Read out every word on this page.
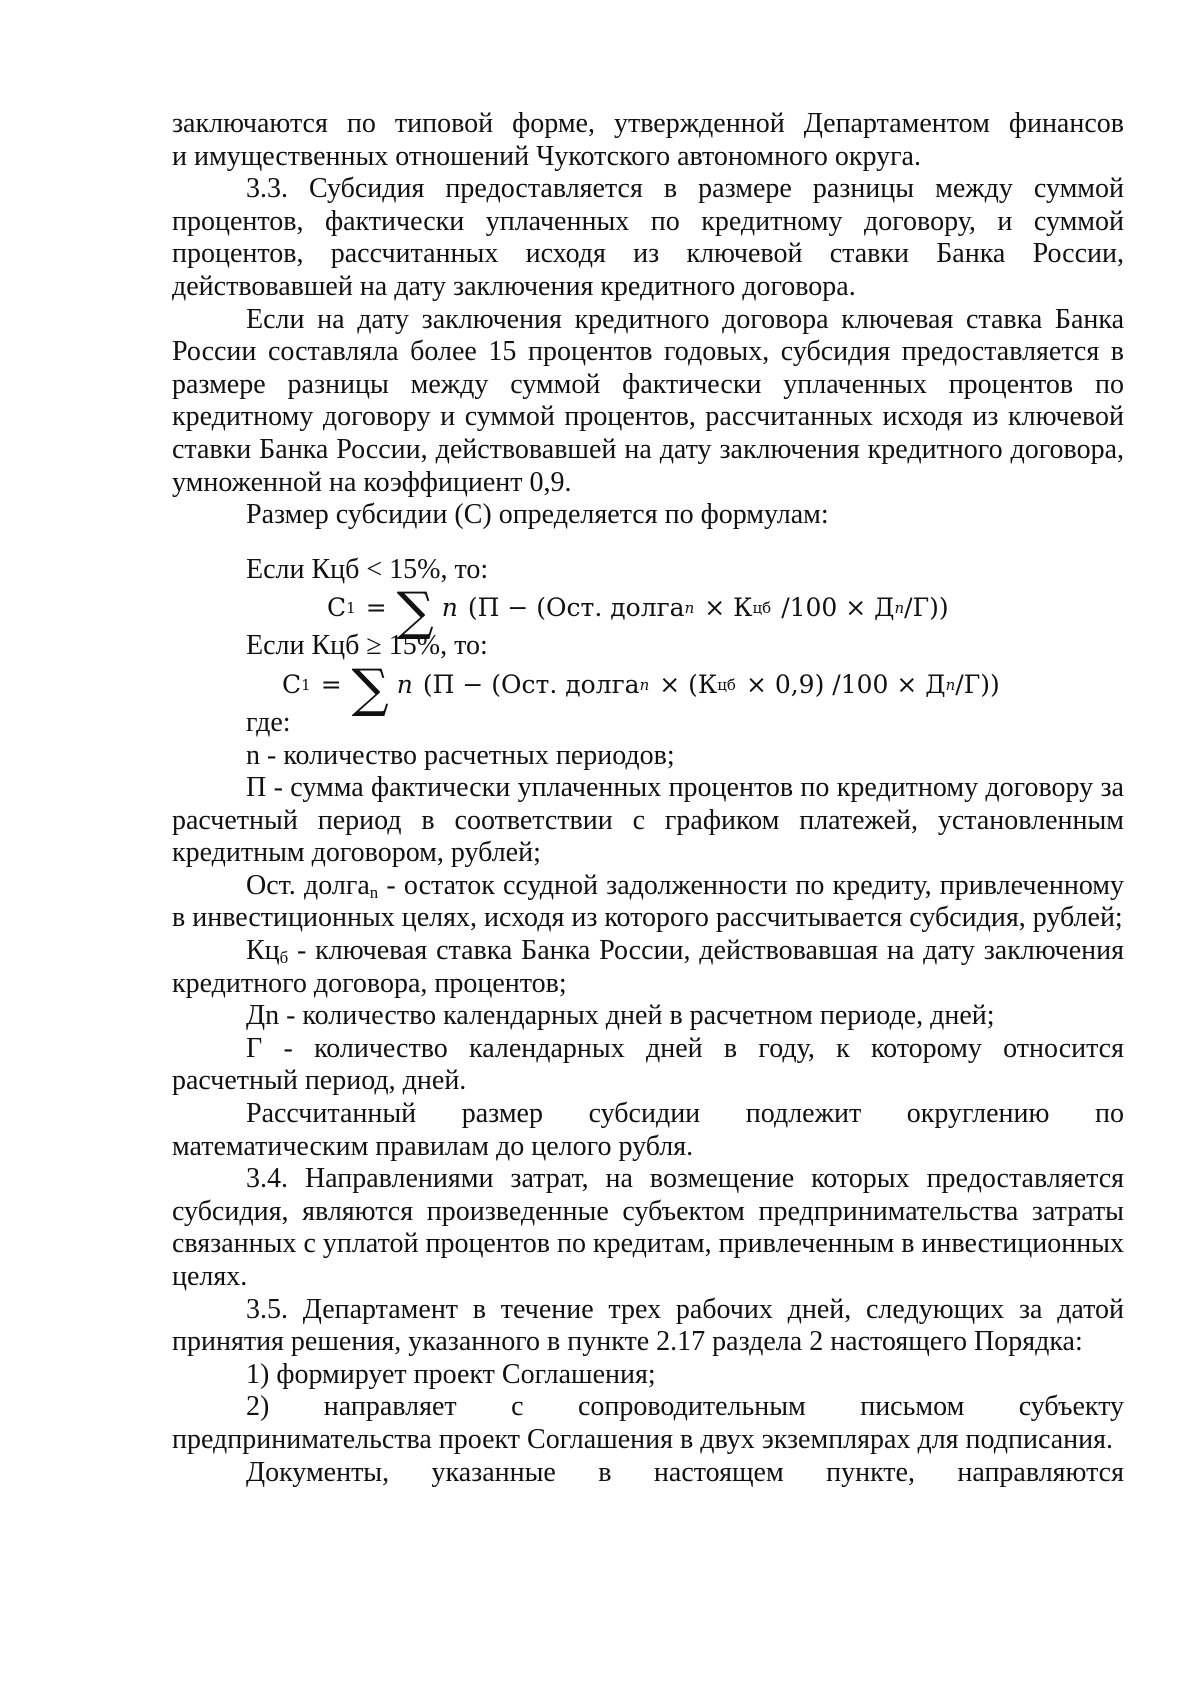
заключаются по типовой форме, утвержденной Департаментом финансов

и имущественных отношений Чукотского автономного округа.

3.3. Субсидия предоставляется в размере разницы между суммой процентов, фактически уплаченных по кредитному договору, и суммой процентов, рассчитанных исходя из ключевой ставки Банка России, действовавшей на дату заключения кредитного договора.

Если на дату заключения кредитного договора ключевая ставка Банка России составляла более 15 процентов годовых, субсидия предоставляется в размере разницы между суммой фактически уплаченных процентов по кредитному договору и суммой процентов, рассчитанных исходя из ключевой ставки Банка России, действовавшей на дату заключения кредитного договора, умноженной на коэффициент 0,9.

Размер субсидии (С) определяется по формулам:

Если Кцб < 15%, то:

С 1 = ∑ n (П − (Ост. долга n × К цб /100 × Д n /Г))

Если Кцб ≥ 15%, то:

С 1 = ∑ n (П − (Ост. долга n × (К цб × 0,9) /100 × Д n /Г))

где:

n - количество расчетных периодов;

П - сумма фактически уплаченных процентов по кредитному договору за расчетный период в соответствии с графиком платежей, установленным кредитным договором, рублей;

Ост. долга$_n$ - остаток ссудной задолженности по кредиту, привлеченному в инвестиционных целях, исходя из которого рассчитывается субсидия, рублей;

$Кц_б$ - ключевая ставка Банка России, действовавшая на дату заключения кредитного договора, процентов;

Дn - количество календарных дней в расчетном периоде, дней;

Г - количество календарных дней в году, к которому относится расчетный период, дней.

Рассчитанный размер субсидии подлежит округлению по математическим правилам до целого рубля.

3.4. Направлениями затрат, на возмещение которых предоставляется субсидия, являются произведенные субъектом предпринимательства затраты связанных с уплатой процентов по кредитам, привлеченным в инвестиционных целях.

3.5. Департамент в течение трех рабочих дней, следующих за датой принятия решения, указанного в пункте 2.17 раздела 2 настоящего Порядка:

1) формирует проект Соглашения;

2) направляет с сопроводительным письмом субъекту предпринимательства проект Соглашения в двух экземплярах для подписания.

Документы, указанные в настоящем пункте, направляются
